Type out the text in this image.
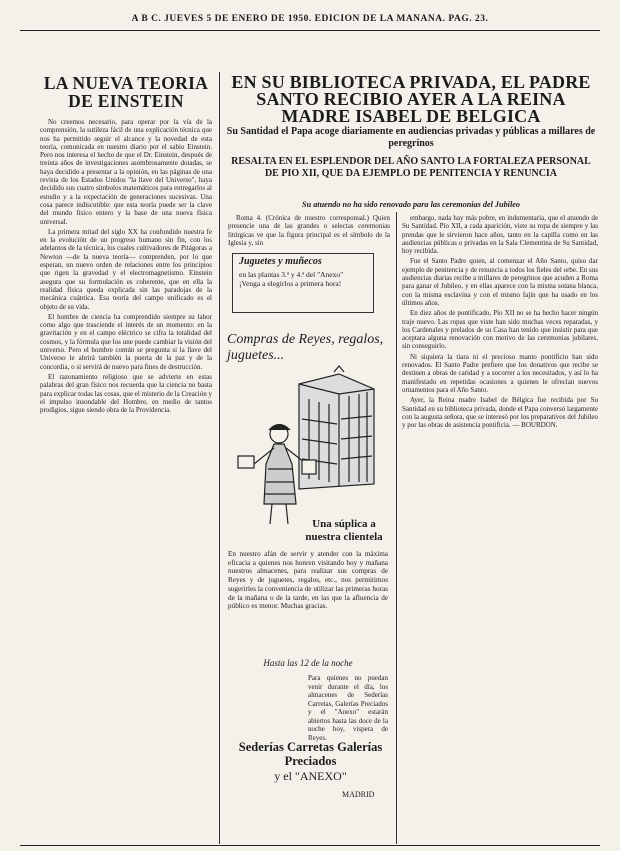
A B C. JUEVES 5 DE ENERO DE 1950. EDICION DE LA MAÑANA. PAG. 23.
LA NUEVA TEORIA DE EINSTEIN

No creemos necesario, para operar por la vía de la comprensión, la sutileza fácil de una explicación técnica que nos ha permitido seguir el alcance y la novedad de esta teoría, comunicada en nuestro diario por el sabio Einstein. Pero nos interesa el hecho de que el Dr. Einstein, después de treinta años de investigaciones asombrosamente dotadas, se haya decidido a presentar a la opinión, en las páginas de una revista de los Estados Unidos "la llave del Universo", haya decidido sus cuatro símbolos matemáticos para entregarlos al estudio y a la expectación de generaciones sucesivas. Una cosa parece indiscutible: que esta teoría puede ser la clave del mundo físico entero y la base de una nueva física universal.

La primera mitad del siglo XX ha confundido nuestra fe en la evolución de un progreso humano sin fin, con los adelantos de la técnica, los cuales cultivadores de Pitágoras a Newton —de la nueva teoría— comprenden, por lo que esperan, un nuevo orden de relaciones entre los principios que rigen la gravedad y el electromagnetismo. Einstein asegura que su formulación es coherente, que en ella la realidad física queda explicada sin las paradojas de la mecánica cuántica. Esa teoría del campo unificado es el objeto de su vida.

El hombre de ciencia ha comprendido siempre su labor como algo que trasciende el interés de un momento: en la gravitación y en el campo eléctrico se cifra la totalidad del cosmos, y la fórmula que los une puede cambiar la visión del universo. Pero el hombre común se pregunta si la llave del Universo le abrirá también la puerta de la paz y de la concordia, o si servirá de nuevo para fines de destrucción.

El razonamiento religioso que se advierte en estas palabras del gran físico nos recuerda que la ciencia no basta para explicar todas las cosas, que el misterio de la Creación y el impulso insondable del Hombre, en medio de tantos prodigios, sigue siendo obra de la Providencia.

EN SU BIBLIOTECA PRIVADA, EL PADRE SANTO RECIBIO AYER A LA REINA MADRE ISABEL DE BELGICA
Su Santidad el Papa acoge diariamente en audiencias privadas y públicas a millares de peregrinos
RESALTA EN EL ESPLENDOR DEL AÑO SANTO LA FORTALEZA PERSONAL DE PIO XII, QUE DA EJEMPLO DE PENITENCIA Y RENUNCIA
Su atuendo no ha sido renovado para las ceremonias del Jubileo

Roma 4. (Crónica de nuestro corresponsal.) Quien presencie una de las grandes o selectas ceremonias litúrgicas ve que la figura principal es el símbolo de la Iglesia y, sin

embargo, nada hay más pobre, en indumentaria, que el atuendo de Su Santidad. Pío XII, a cada aparición, viste su ropa de siempre y las prendas que le sirvieron hace años, tanto en la capilla como en las audiencias públicas o privadas en la Sala Clementina de Su Santidad, hoy recibida.

Fue el Santo Padre quien, al comenzar el Año Santo, quiso dar ejemplo de penitencia y de renuncia a todos los fieles del orbe. En sus audiencias diarias recibe a millares de peregrinos que acuden a Roma para ganar el Jubileo, y en ellas aparece con la misma sotana blanca, con la misma esclavina y con el mismo fajín que ha usado en los últimos años.

En diez años de pontificado, Pío XII no se ha hecho hacer ningún traje nuevo. Las ropas que viste han sido muchas veces reparadas, y los Cardenales y prelados de su Casa han tenido que insistir para que aceptara alguna renovación con motivo de las ceremonias jubilares, sin conseguirlo.

Ni siquiera la tiara ni el precioso manto pontificio han sido renovados. El Santo Padre prefiere que los donativos que recibe se destinen a obras de caridad y a socorrer a los necesitados, y así lo ha manifestado en repetidas ocasiones a quienes le ofrecían nuevos ornamentos para el Año Santo.

Ayer, la Reina madre Isabel de Bélgica fue recibida por Su Santidad en su biblioteca privada, donde el Papa conversó largamente con la augusta señora, que se interesó por los preparativos del Jubileo y por las obras de asistencia pontificia. — BOURDON.

Juguetes y muñecos
en las plantas 3.ª y 4.ª del "Anexo"
¡Venga a elegirlos a primera hora!
Compras de Reyes, regalos, juguetes...
Una súplica a nuestra clientela
En nuestro afán de servir y atender con la máxima eficacia a quienes nos honren visitando hoy y mañana nuestros almacenes, para realizar sus compras de Reyes y de juguetes, regalos, etc., nos permitimos sugerirles la conveniencia de utilizar las primeras horas de la mañana o de la tarde, en las que la afluencia de público es menor. Muchas gracias.
Hasta las 12 de la noche
Para quienes no puedan venir durante el día, los almacenes de Sederías Carretas, Galerías Preciados y el "Anexo" estarán abiertos hasta las doce de la noche hoy, víspera de Reyes.
Sederías Carretas Galerías Preciados
y el "ANEXO"
MADRID
